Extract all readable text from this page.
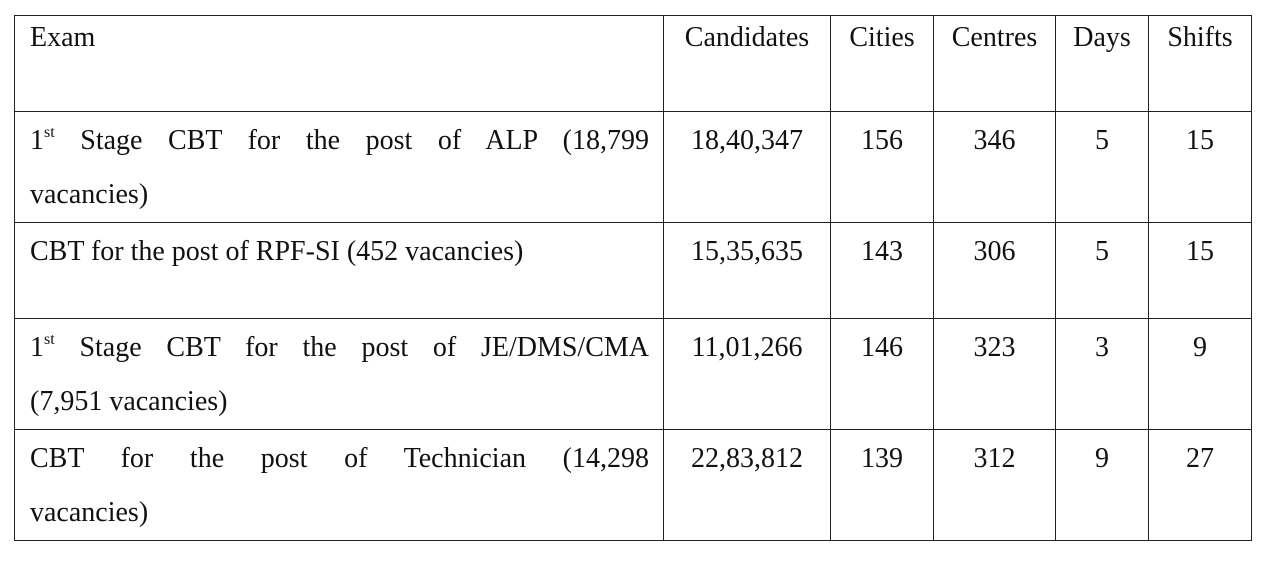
Exam	Candidates	Cities	Centres	Days	Shifts

1st Stage CBT for the post of ALP (18,799
vacancies)	18,40,347	156	346	5	15

CBT for the post of RPF-SI (452 vacancies)	15,35,635	143	306	5	15

1st Stage CBT for the post of JE/DMS/CMA
(7,951 vacancies)	11,01,266	146	323	3	9

CBT for the post of Technician (14,298
vacancies)	22,83,812	139	312	9	27
